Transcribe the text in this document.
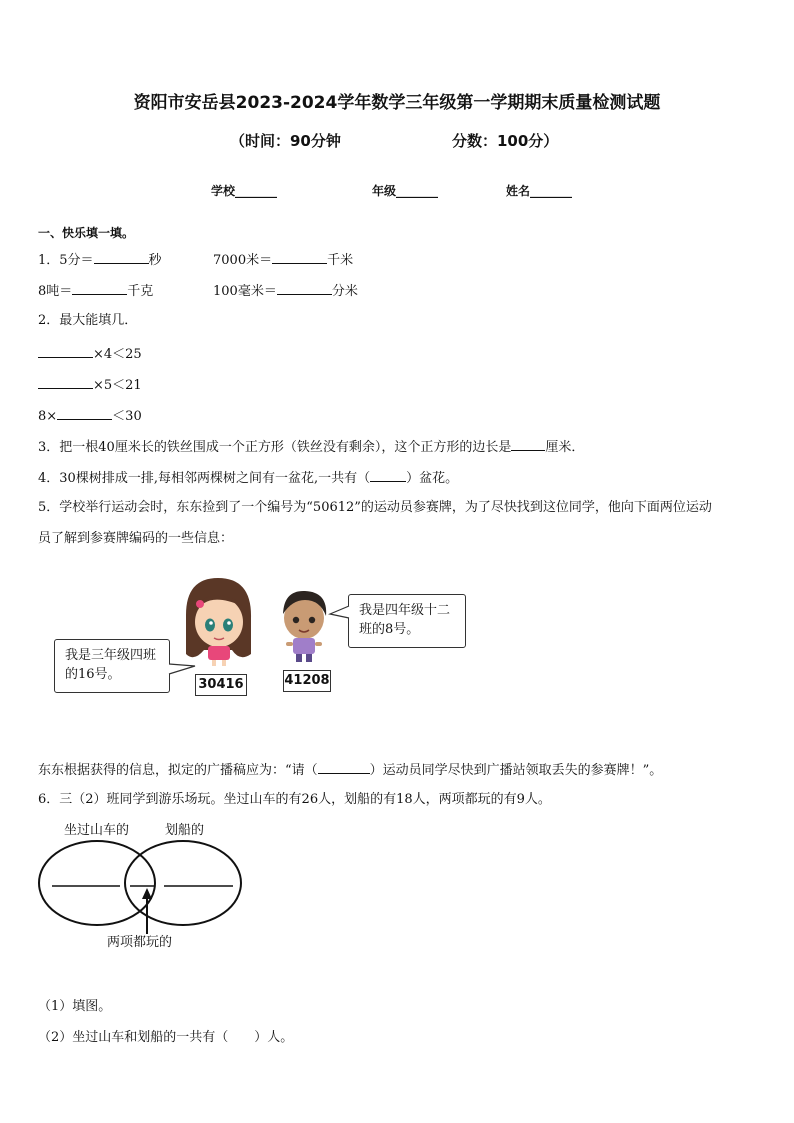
资阳市安岳县2023-2024学年数学三年级第一学期期末质量检测试题
（时间：90分钟	分数：100分）
学校_______	年级_______	姓名_______
一、快乐填一填。
1．5分＝	秒	7000米＝	千米
8吨＝	千克	100毫米＝	分米
2．最大能填几．
×4＜25
×5＜21
8×	＜30
3．把一根40厘米长的铁丝围成一个正方形（铁丝没有剩余），这个正方形的边长是	厘米．
4．30棵树排成一排,每相邻两棵树之间有一盆花,一共有（	）盆花。
5．学校举行运动会时，东东捡到了一个编号为“50612”的运动员参赛牌，为了尽快找到这位同学，他向下面两位运动
员了解到参赛牌编码的一些信息：
我是三年级四班的16号。
我是四年级十二班的8号。
30416	41208
东东根据获得的信息，拟定的广播稿应为：“请（	）运动员同学尽快到广播站领取丢失的参赛牌！”。
6．三（2）班同学到游乐场玩。坐过山车的有26人，划船的有18人，两项都玩的有9人。
坐过山车的	划船的
两项都玩的
（1）填图。
（2）坐过山车和划船的一共有（　　）人。
